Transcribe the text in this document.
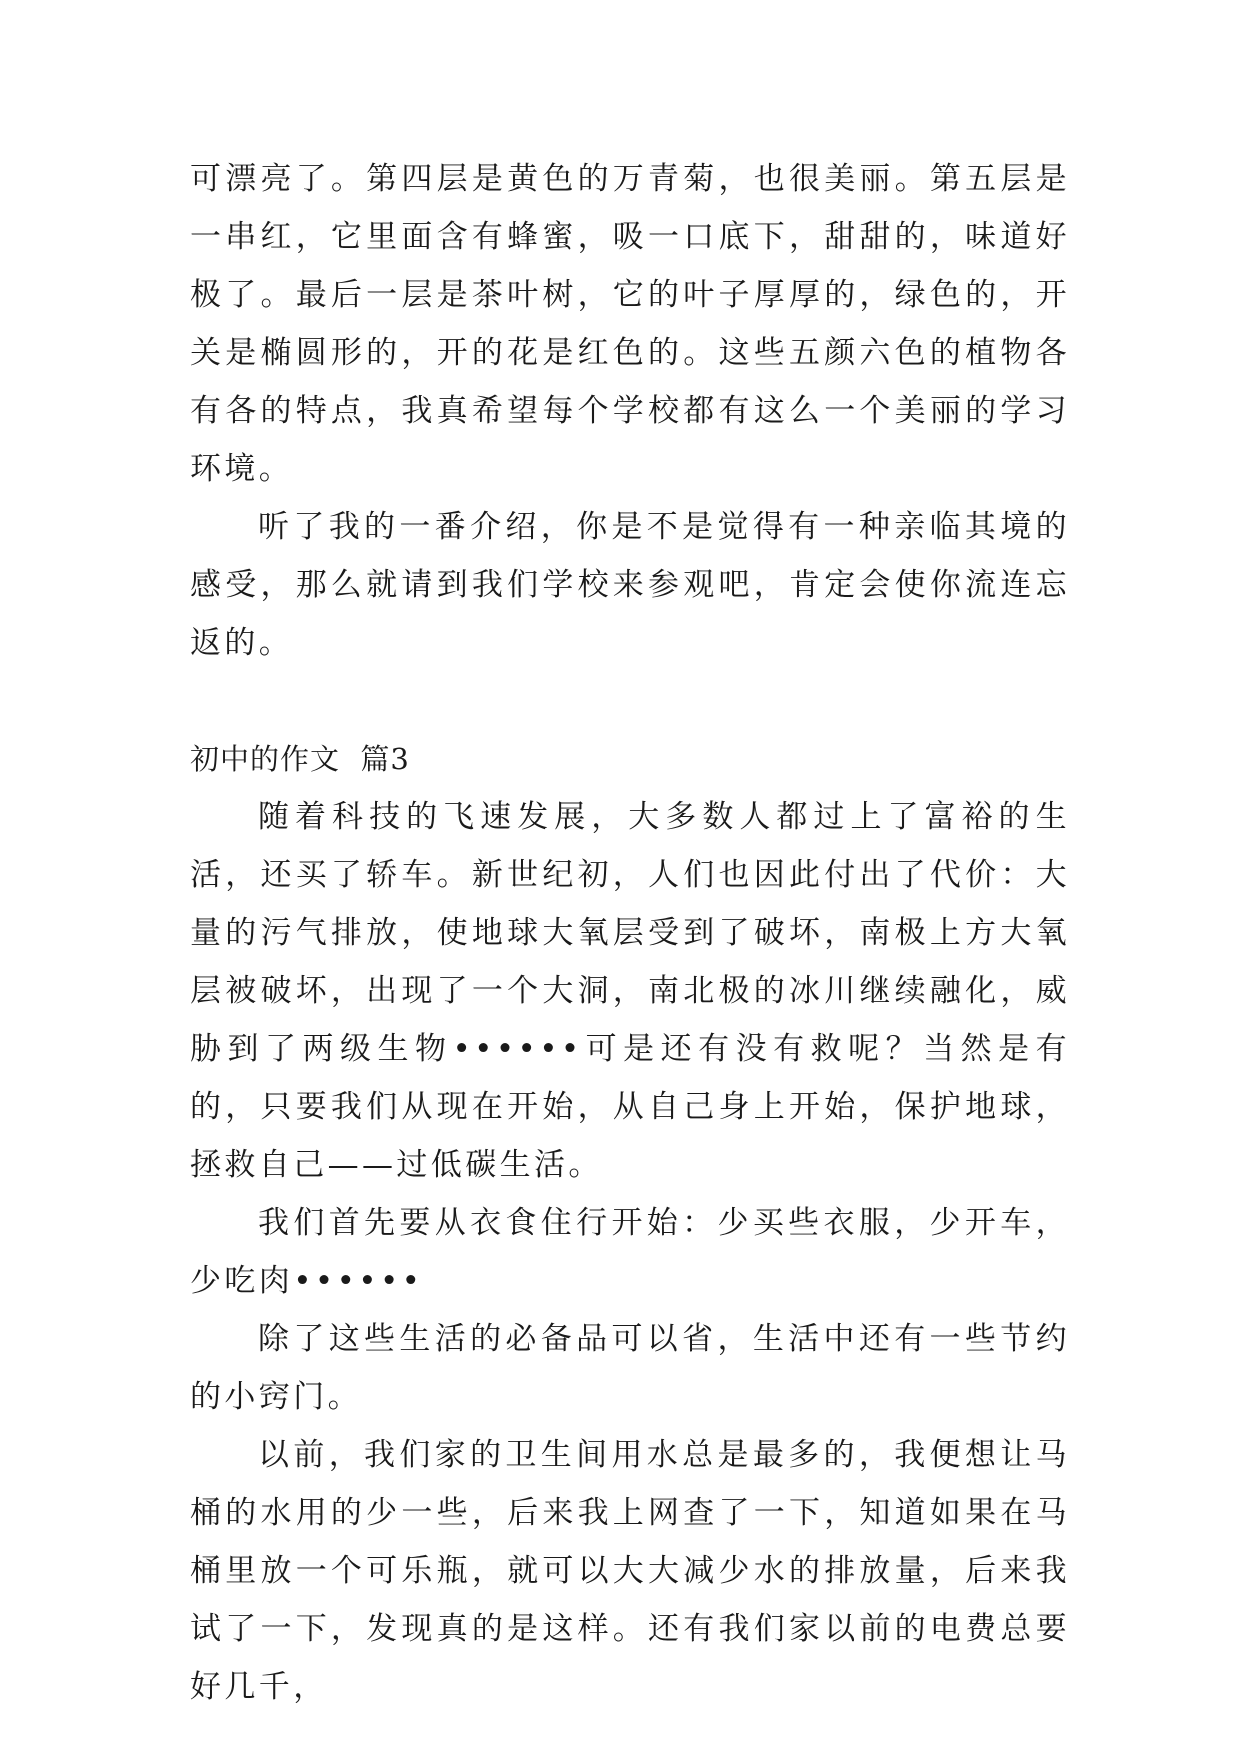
可漂亮了。第四层是黄色的万青菊，也很美丽。第五层是一串红，它里面含有蜂蜜，吸一口底下，甜甜的，味道好极了。最后一层是茶叶树，它的叶子厚厚的，绿色的，开关是椭圆形的，开的花是红色的。这些五颜六色的植物各有各的特点，我真希望每个学校都有这么一个美丽的学习环境。

听了我的一番介绍，你是不是觉得有一种亲临其境的感受，那么就请到我们学校来参观吧，肯定会使你流连忘返的。

初中的作文  篇3

随着科技的飞速发展，大多数人都过上了富裕的生活，还买了轿车。新世纪初，人们也因此付出了代价：大量的污气排放，使地球大氧层受到了破坏，南极上方大氧层被破坏，出现了一个大洞，南北极的冰川继续融化，威胁到了两级生物••••••可是还有没有救呢？当然是有的，只要我们从现在开始，从自己身上开始，保护地球，拯救自己——过低碳生活。

我们首先要从衣食住行开始：少买些衣服，少开车，少吃肉••••••

除了这些生活的必备品可以省，生活中还有一些节约的小窍门。

以前，我们家的卫生间用水总是最多的，我便想让马桶的水用的少一些，后来我上网查了一下，知道如果在马桶里放一个可乐瓶，就可以大大减少水的排放量，后来我试了一下，发现真的是这样。还有我们家以前的电费总要好几千，
